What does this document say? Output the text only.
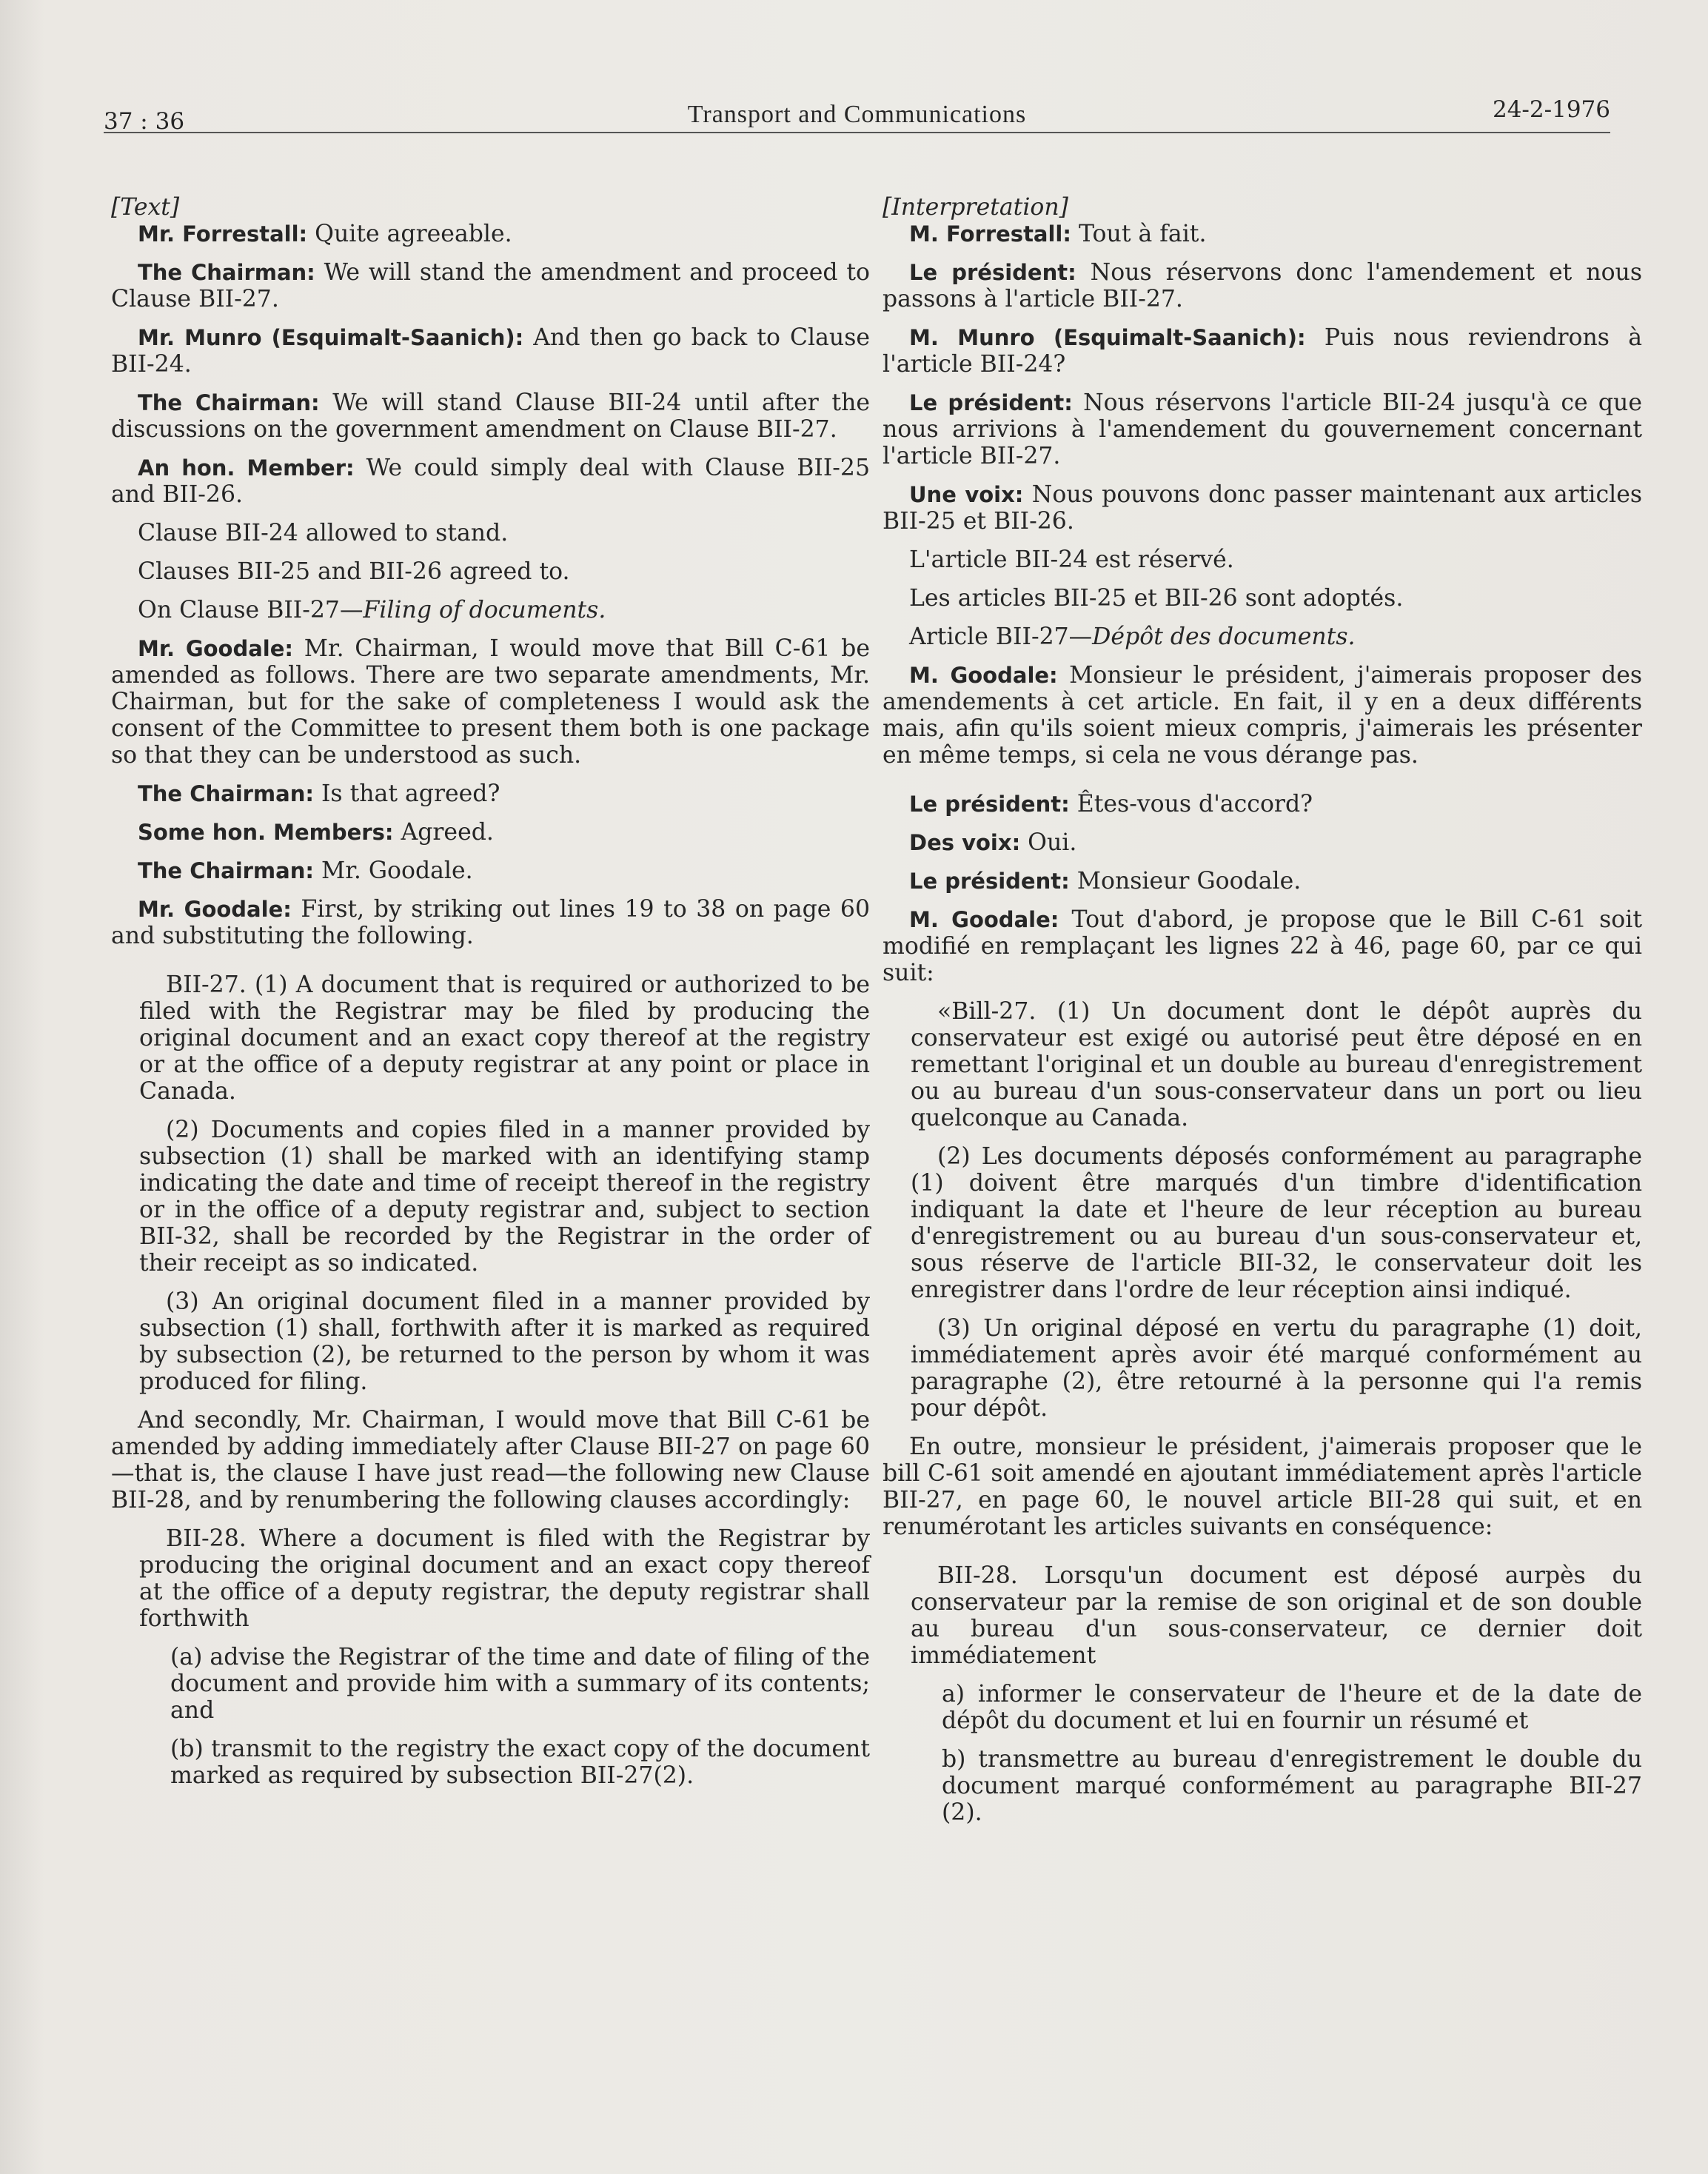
37 : 36	Transport and Communications	24-2-1976

[Text]

Mr. Forrestall: Quite agreeable.

The Chairman: We will stand the amendment and proceed to Clause BII-27.

Mr. Munro (Esquimalt-Saanich): And then go back to Clause BII-24.

The Chairman: We will stand Clause BII-24 until after the discussions on the government amendment on Clause BII-27.

An hon. Member: We could simply deal with Clause BII-25 and BII-26.

Clause BII-24 allowed to stand.

Clauses BII-25 and BII-26 agreed to.

On Clause BII-27—Filing of documents.

Mr. Goodale: Mr. Chairman, I would move that Bill C-61 be amended as follows. There are two separate amendments, Mr. Chairman, but for the sake of completeness I would ask the consent of the Committee to present them both is one package so that they can be understood as such.

The Chairman: Is that agreed?

Some hon. Members: Agreed.

The Chairman: Mr. Goodale.

Mr. Goodale: First, by striking out lines 19 to 38 on page 60 and substituting the following.

BII-27. (1) A document that is required or authorized to be filed with the Registrar may be filed by producing the original document and an exact copy thereof at the registry or at the office of a deputy registrar at any point or place in Canada.

(2) Documents and copies filed in a manner provided by subsection (1) shall be marked with an identifying stamp indicating the date and time of receipt thereof in the registry or in the office of a deputy registrar and, subject to section BII-32, shall be recorded by the Registrar in the order of their receipt as so indicated.

(3) An original document filed in a manner provided by subsection (1) shall, forthwith after it is marked as required by subsection (2), be returned to the person by whom it was produced for filing.

And secondly, Mr. Chairman, I would move that Bill C-61 be amended by adding immediately after Clause BII-27 on page 60—that is, the clause I have just read—the following new Clause BII-28, and by renumbering the following clauses accordingly:

BII-28. Where a document is filed with the Registrar by producing the original document and an exact copy thereof at the office of a deputy registrar, the deputy registrar shall forthwith

(a) advise the Registrar of the time and date of filing of the document and provide him with a summary of its contents; and

(b) transmit to the registry the exact copy of the document marked as required by subsection BII-27(2).

[Interpretation]

M. Forrestall: Tout à fait.

Le président: Nous réservons donc l'amendement et nous passons à l'article BII-27.

M. Munro (Esquimalt-Saanich): Puis nous reviendrons à l'article BII-24?

Le président: Nous réservons l'article BII-24 jusqu'à ce que nous arrivions à l'amendement du gouvernement concernant l'article BII-27.

Une voix: Nous pouvons donc passer maintenant aux articles BII-25 et BII-26.

L'article BII-24 est réservé.

Les articles BII-25 et BII-26 sont adoptés.

Article BII-27—Dépôt des documents.

M. Goodale: Monsieur le président, j'aimerais proposer des amendements à cet article. En fait, il y en a deux différents mais, afin qu'ils soient mieux compris, j'aimerais les présenter en même temps, si cela ne vous dérange pas.

Le président: Êtes-vous d'accord?

Des voix: Oui.

Le président: Monsieur Goodale.

M. Goodale: Tout d'abord, je propose que le Bill C-61 soit modifié en remplaçant les lignes 22 à 46, page 60, par ce qui suit:

«Bill-27. (1) Un document dont le dépôt auprès du conservateur est exigé ou autorisé peut être déposé en en remettant l'original et un double au bureau d'enregistrement ou au bureau d'un sous-conservateur dans un port ou lieu quelconque au Canada.

(2) Les documents déposés conformément au paragraphe (1) doivent être marqués d'un timbre d'identification indiquant la date et l'heure de leur réception au bureau d'enregistrement ou au bureau d'un sous-conservateur et, sous réserve de l'article BII-32, le conservateur doit les enregistrer dans l'ordre de leur réception ainsi indiqué.

(3) Un original déposé en vertu du paragraphe (1) doit, immédiatement après avoir été marqué conformément au paragraphe (2), être retourné à la personne qui l'a remis pour dépôt.

En outre, monsieur le président, j'aimerais proposer que le bill C-61 soit amendé en ajoutant immédiatement après l'article BII-27, en page 60, le nouvel article BII-28 qui suit, et en renumérotant les articles suivants en conséquence:

BII-28. Lorsqu'un document est déposé aurpès du conservateur par la remise de son original et de son double au bureau d'un sous-conservateur, ce dernier doit immédiatement

a) informer le conservateur de l'heure et de la date de dépôt du document et lui en fournir un résumé et

b) transmettre au bureau d'enregistrement le double du document marqué conformément au paragraphe BII-27 (2).
